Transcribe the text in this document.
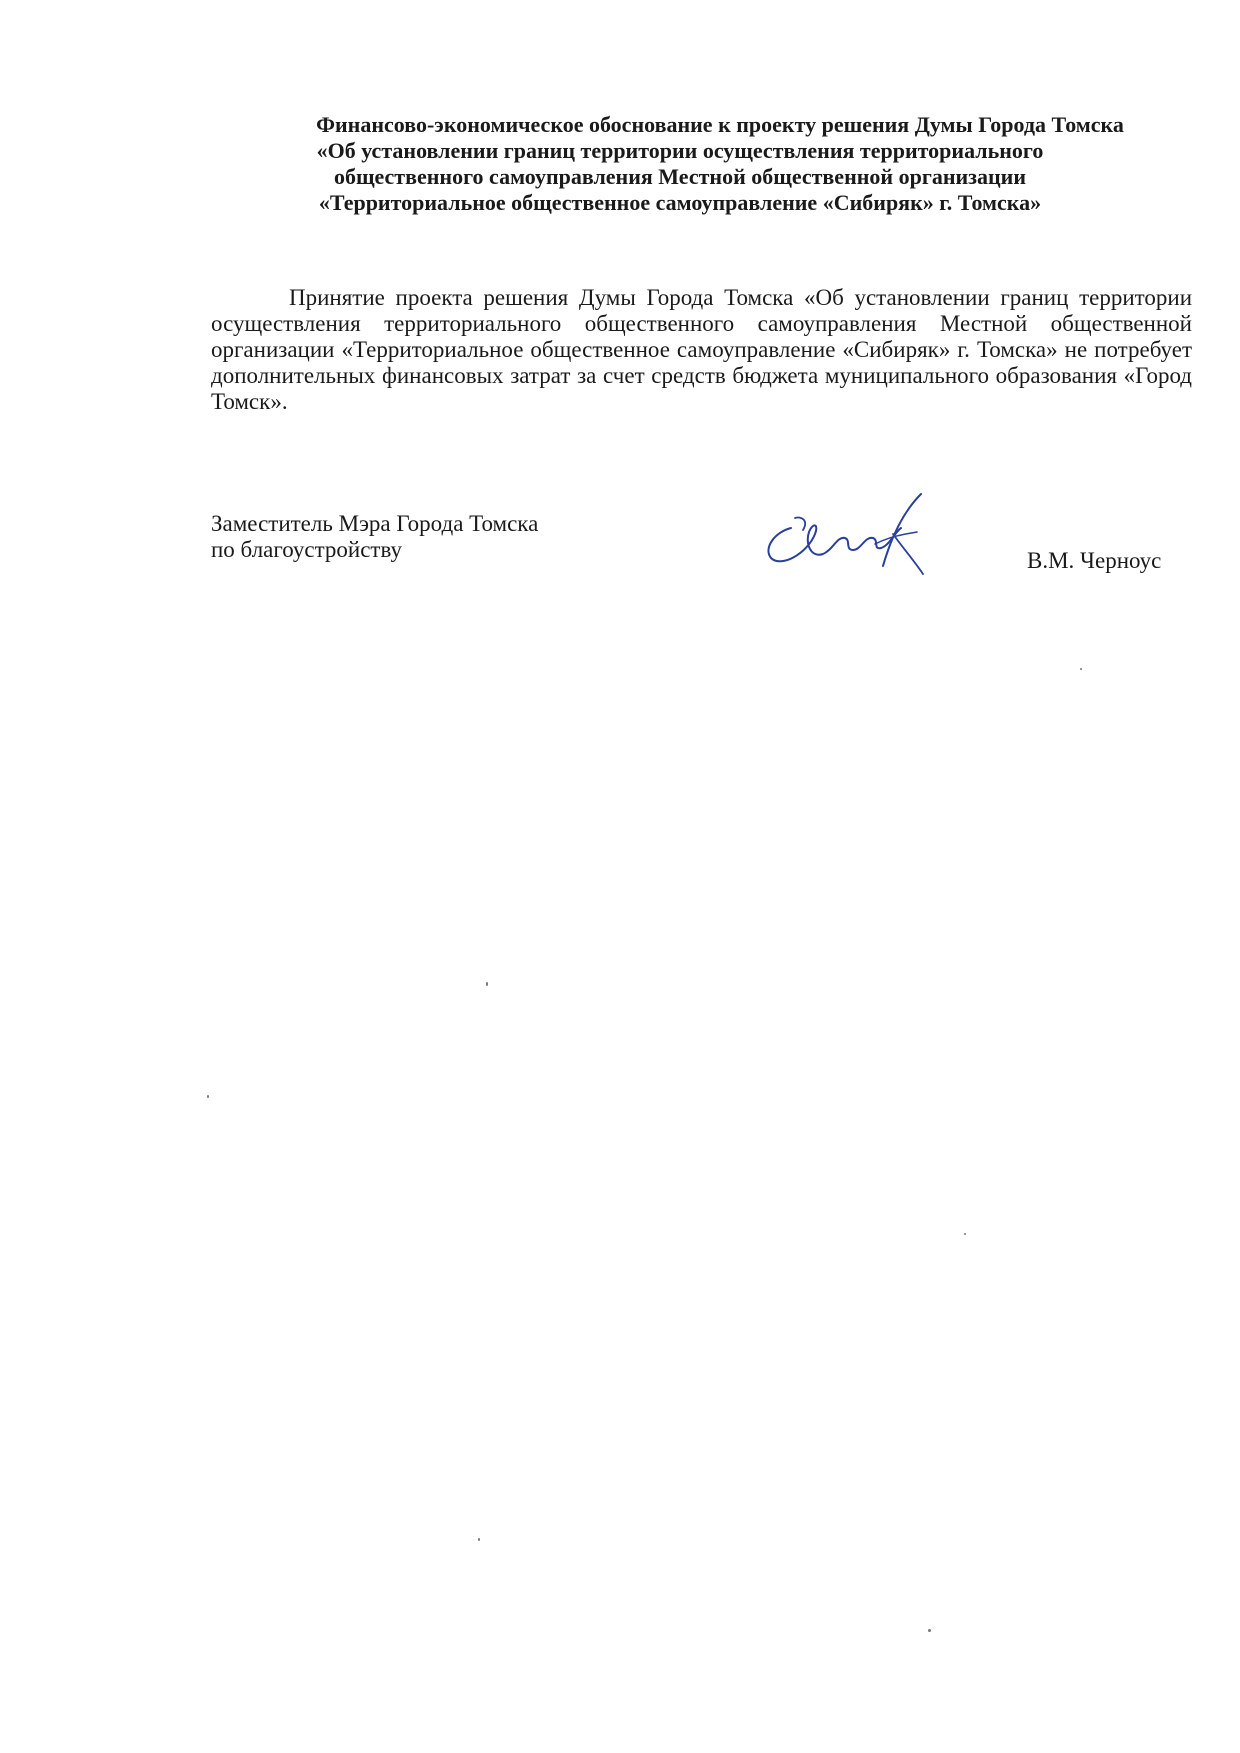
Финансово-экономическое обоснование к проекту решения Думы Города Томска
«Об установлении границ территории осуществления территориального
общественного самоуправления Местной общественной организации
«Территориальное общественное самоуправление «Сибиряк» г. Томска»

Принятие проекта решения Думы Города Томска «Об установлении границ территории осуществления территориального общественного самоуправления Местной общественной организации «Территориальное общественное самоуправление «Сибиряк» г. Томска» не потребует дополнительных финансовых затрат за счет средств бюджета муниципального образования «Город Томск».

Заместитель Мэра Города Томска
по благоустройству	В.М. Черноус
